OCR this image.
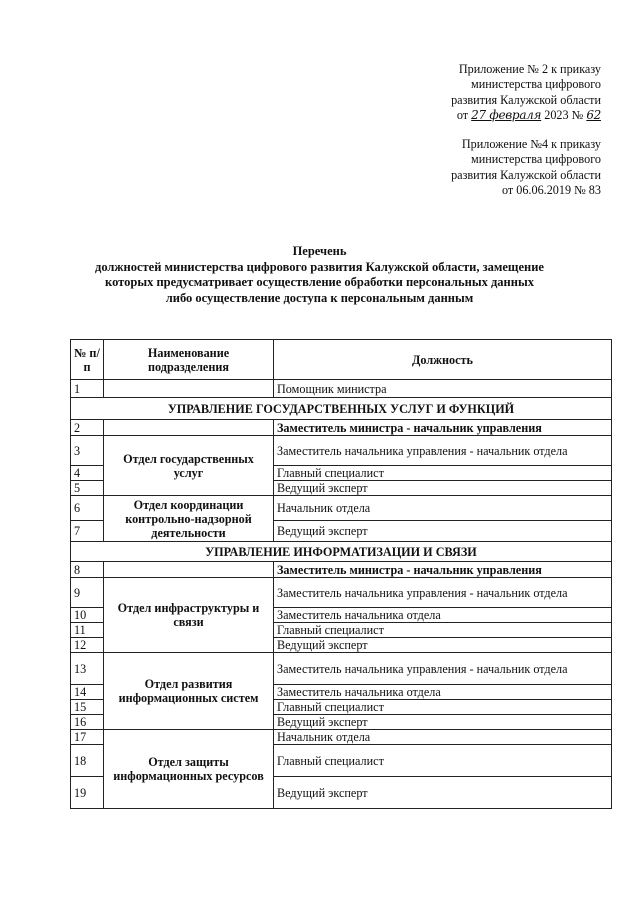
Приложение № 2 к приказу
министерства цифрового
развития Калужской области
от 27 февраля 2023 № 62
Приложение №4 к приказу
министерства цифрового
развития Калужской области
от 06.06.2019 № 83
Перечень
должностей министерства цифрового развития Калужской области, замещение
которых предусматривает осуществление обработки персональных данных
либо осуществление доступа к персональным данным
№ п/п	Наименование подразделения	Должность
1		Помощник министра
УПРАВЛЕНИЕ ГОСУДАРСТВЕННЫХ УСЛУГ И ФУНКЦИЙ		
2		Заместитель министра - начальник управления
3	Отдел государственных услуг	Заместитель начальника управления - начальник отдела
4		Главный специалист
5		Ведущий эксперт
6	Отдел координации контрольно-надзорной деятельности	Начальник отдела
7		Ведущий эксперт
УПРАВЛЕНИЕ ИНФОРМАТИЗАЦИИ И СВЯЗИ		
8		Заместитель министра - начальник управления
9	Отдел инфраструктуры и связи	Заместитель начальника управления - начальник отдела
10		Заместитель начальника отдела
11		Главный специалист
12		Ведущий эксперт
13	Отдел развития информационных систем	Заместитель начальника управления - начальник отдела
14		Заместитель начальника отдела
15		Главный специалист
16		Ведущий эксперт
17	Отдел защиты информационных ресурсов	Начальник отдела
18		Главный специалист
19		Ведущий эксперт
